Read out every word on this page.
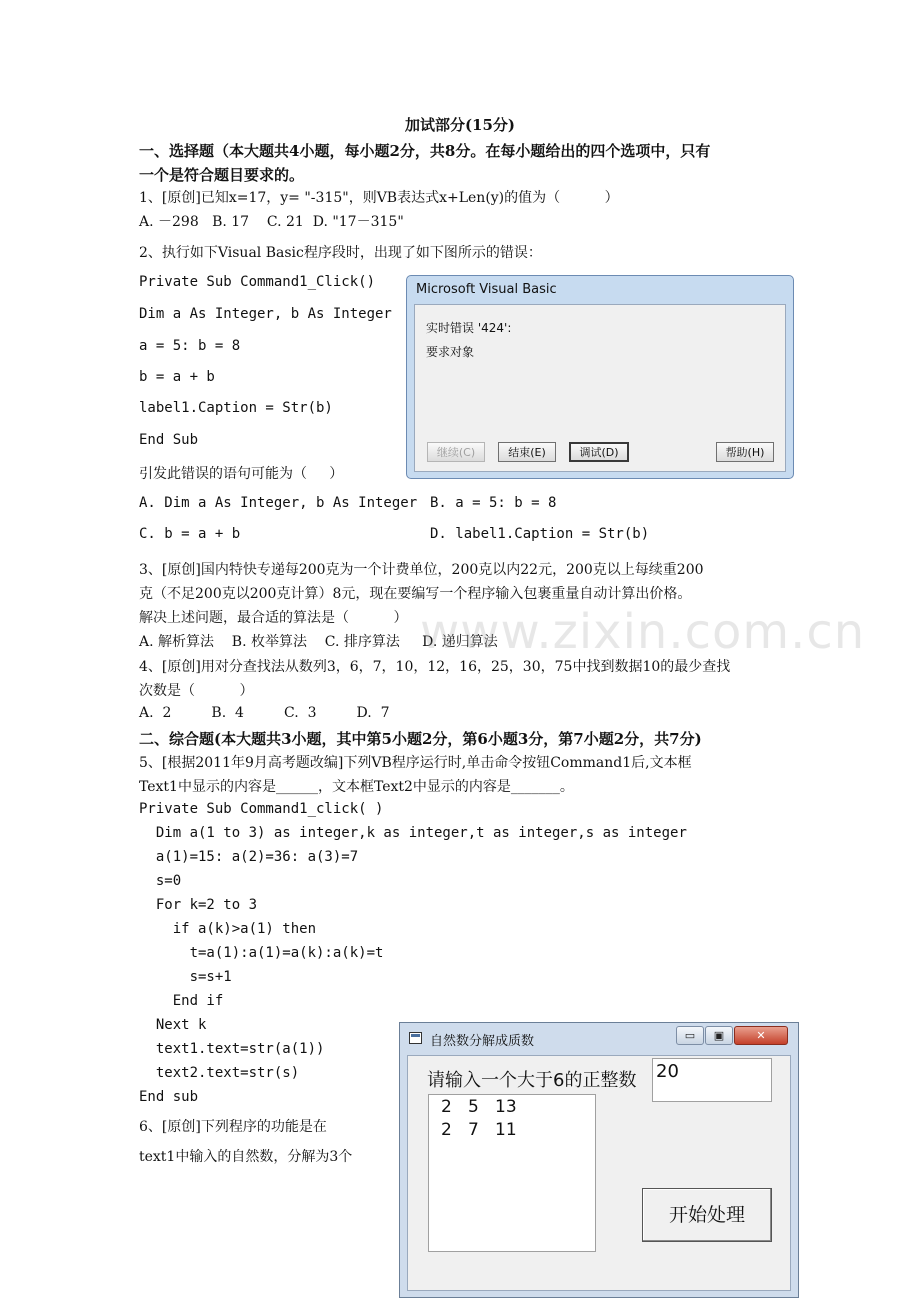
加试部分(15分)
一、选择题（本大题共4小题，每小题2分，共8分。在每小题给出的四个选项中，只有
一个是符合题目要求的。
1、[原创]已知x=17，y= "-315"，则VB表达式x+Len(y)的值为（          ）
A. －298   B. 17    C. 21  D. "17－315"
2、执行如下Visual Basic程序段时，出现了如下图所示的错误：
Private Sub Command1_Click()
Dim a As Integer, b As Integer
a = 5: b = 8
b = a + b
label1.Caption = Str(b)
End Sub
引发此错误的语句可能为（     ）
A. Dim a As Integer, b As Integer B. a = 5: b = 8
C. b = a + b	D. label1.Caption = Str(b)
Microsoft Visual Basic
实时错误 '424':
要求对象
继续(C)	结束(E)	调试(D)	帮助(H)
3、[原创]国内特快专递每200克为一个计费单位，200克以内22元，200克以上每续重200
克（不足200克以200克计算）8元，现在要编写一个程序输入包裹重量自动计算出价格。
解决上述问题，最合适的算法是（          ）
A. 解析算法    B. 枚举算法    C. 排序算法     D. 递归算法
www.zixin.com.cn
4、[原创]用对分查找法从数列3，6，7，10，12，16，25，30，75中找到数据10的最少查找
次数是（          ）
A.  2         B.  4         C.  3         D.  7
二、综合题(本大题共3小题，其中第5小题2分，第6小题3分，第7小题2分，共7分)
5、[根据2011年9月高考题改编]下列VB程序运行时,单击命令按钮Command1后,文本框
Text1中显示的内容是______，文本框Text2中显示的内容是_______。
Private Sub Command1_click( )
Dim a(1 to 3) as integer,k as integer,t as integer,s as integer
a(1)=15: a(2)=36: a(3)=7
s=0
For k=2 to 3
if a(k)>a(1) then
t=a(1):a(1)=a(k):a(k)=t
s=s+1
End if
Next k
text1.text=str(a(1))
text2.text=str(s)
End sub
6、[原创]下列程序的功能是在
text1中输入的自然数，分解为3个
自然数分解成质数	▭	▣	✕
请输入一个大于6的正整数 20
2   5   13
2   7   11
开始处理
